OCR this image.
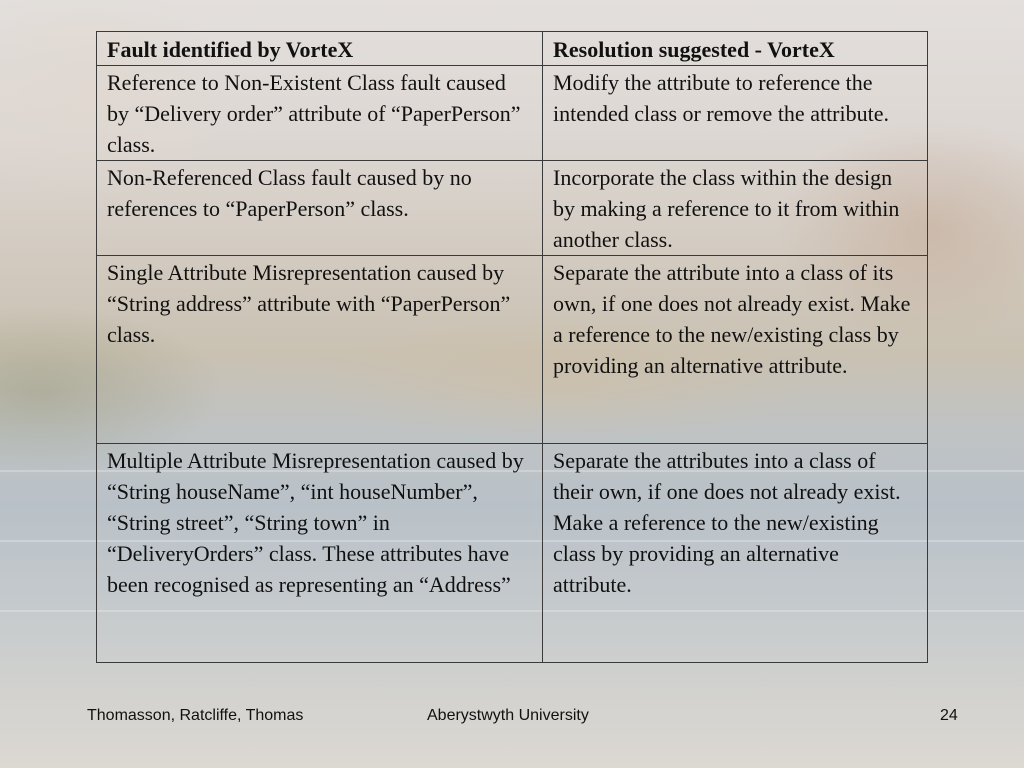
Fault identified by VorteX	Resolution suggested - VorteX

Reference to Non-Existent Class fault caused by “Delivery order” attribute of “PaperPerson” class.	Modify the attribute to reference the intended class or remove the attribute.

Non-Referenced Class fault caused by no references to “PaperPerson” class.	Incorporate the class within the design by making a reference to it from within another class.

Single Attribute Misrepresentation caused by “String address” attribute with “PaperPerson” class.	Separate the attribute into a class of its own, if one does not already exist. Make a reference to the new/existing class by providing an alternative attribute.

Multiple Attribute Misrepresentation caused by “String houseName”, “int houseNumber”, “String street”, “String town” in “DeliveryOrders” class. These attributes have been recognised as representing an “Address”	Separate the attributes into a class of their own, if one does not already exist. Make a reference to the new/existing class by providing an alternative attribute.
Thomasson, Ratcliffe, Thomas	Aberystwyth University	24
